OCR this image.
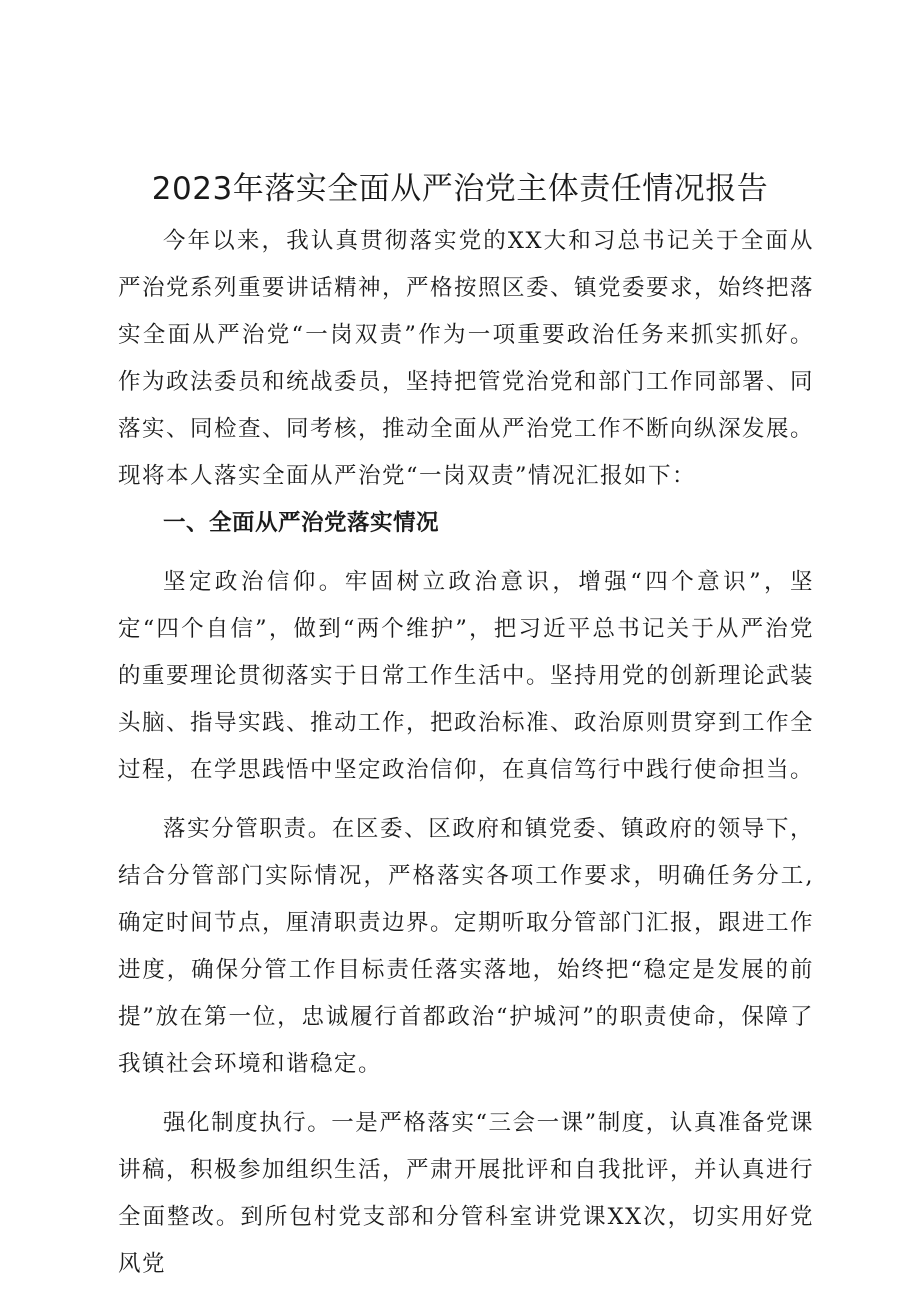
2023年落实全面从严治党主体责任情况报告

今年以来，我认真贯彻落实党的XX大和习总书记关于全面从严治党系列重要讲话精神，严格按照区委、镇党委要求，始终把落实全面从严治党“一岗双责”作为一项重要政治任务来抓实抓好。作为政法委员和统战委员，坚持把管党治党和部门工作同部署、同落实、同检查、同考核，推动全面从严治党工作不断向纵深发展。现将本人落实全面从严治党“一岗双责”情况汇报如下：

一、全面从严治党落实情况

坚定政治信仰。牢固树立政治意识，增强“四个意识”，坚定“四个自信”，做到“两个维护”，把习近平总书记关于从严治党的重要理论贯彻落实于日常工作生活中。坚持用党的创新理论武装头脑、指导实践、推动工作，把政治标准、政治原则贯穿到工作全过程，在学思践悟中坚定政治信仰，在真信笃行中践行使命担当。

落实分管职责。在区委、区政府和镇党委、镇政府的领导下，结合分管部门实际情况，严格落实各项工作要求，明确任务分工,确定时间节点，厘清职责边界。定期听取分管部门汇报，跟进工作进度，确保分管工作目标责任落实落地，始终把“稳定是发展的前提”放在第一位，忠诚履行首都政治“护城河”的职责使命，保障了我镇社会环境和谐稳定。

强化制度执行。一是严格落实“三会一课”制度，认真准备党课讲稿，积极参加组织生活，严肃开展批评和自我批评，并认真进行全面整改。到所包村党支部和分管科室讲党课XX次，切实用好党风党
